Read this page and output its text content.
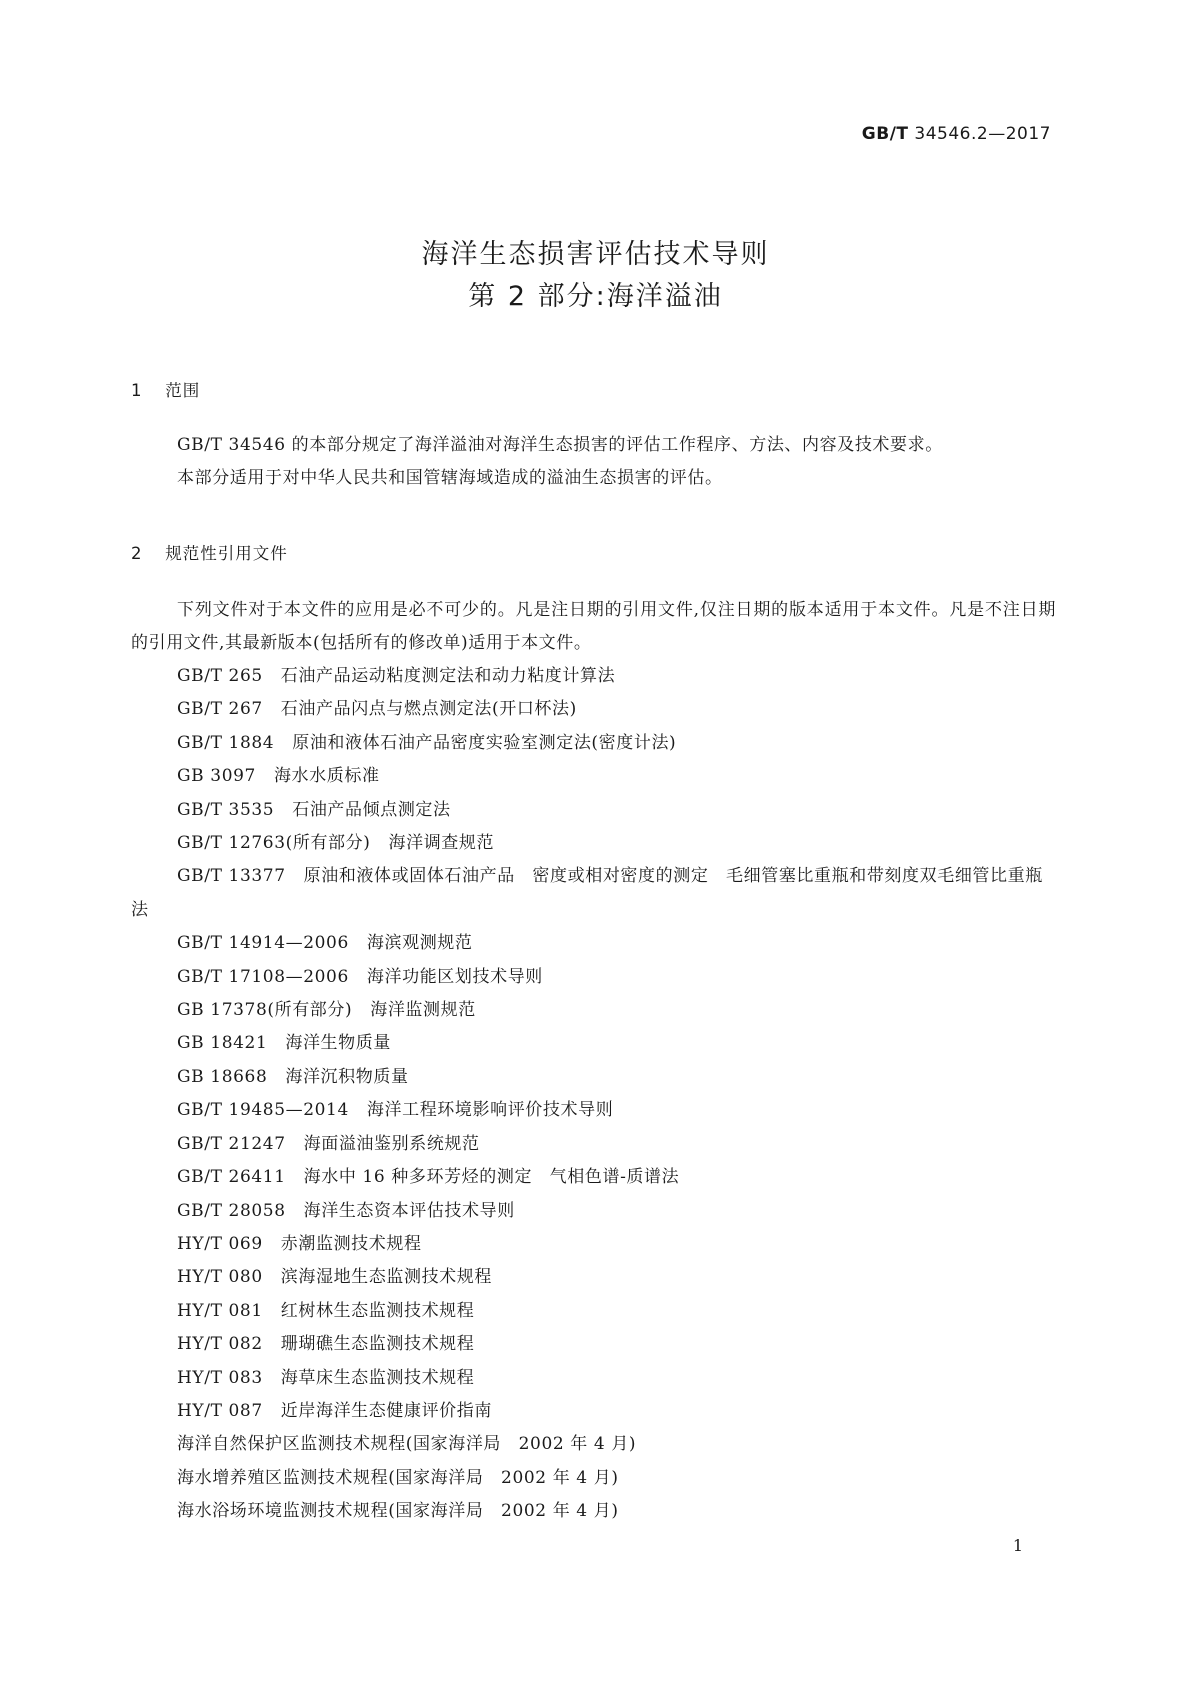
GB/T 34546.2—2017
海洋生态损害评估技术导则
第 2 部分:海洋溢油
1 范围
GB/T 34546 的本部分规定了海洋溢油对海洋生态损害的评估工作程序、方法、内容及技术要求。
本部分适用于对中华人民共和国管辖海域造成的溢油生态损害的评估。
2 规范性引用文件
下列文件对于本文件的应用是必不可少的。凡是注日期的引用文件,仅注日期的版本适用于本文件。凡是不注日期的引用文件,其最新版本(包括所有的修改单)适用于本文件。
GB/T 265 石油产品运动粘度测定法和动力粘度计算法
GB/T 267 石油产品闪点与燃点测定法(开口杯法)
GB/T 1884 原油和液体石油产品密度实验室测定法(密度计法)
GB 3097 海水水质标准
GB/T 3535 石油产品倾点测定法
GB/T 12763(所有部分) 海洋调查规范
GB/T 13377 原油和液体或固体石油产品　密度或相对密度的测定　毛细管塞比重瓶和带刻度双毛细管比重瓶法
GB/T 14914—2006 海滨观测规范
GB/T 17108—2006 海洋功能区划技术导则
GB 17378(所有部分) 海洋监测规范
GB 18421 海洋生物质量
GB 18668 海洋沉积物质量
GB/T 19485—2014 海洋工程环境影响评价技术导则
GB/T 21247 海面溢油鉴别系统规范
GB/T 26411 海水中 16 种多环芳烃的测定　气相色谱-质谱法
GB/T 28058 海洋生态资本评估技术导则
HY/T 069 赤潮监测技术规程
HY/T 080 滨海湿地生态监测技术规程
HY/T 081 红树林生态监测技术规程
HY/T 082 珊瑚礁生态监测技术规程
HY/T 083 海草床生态监测技术规程
HY/T 087 近岸海洋生态健康评价指南
海洋自然保护区监测技术规程(国家海洋局　2002 年 4 月)
海水增养殖区监测技术规程(国家海洋局　2002 年 4 月)
海水浴场环境监测技术规程(国家海洋局　2002 年 4 月)
1
